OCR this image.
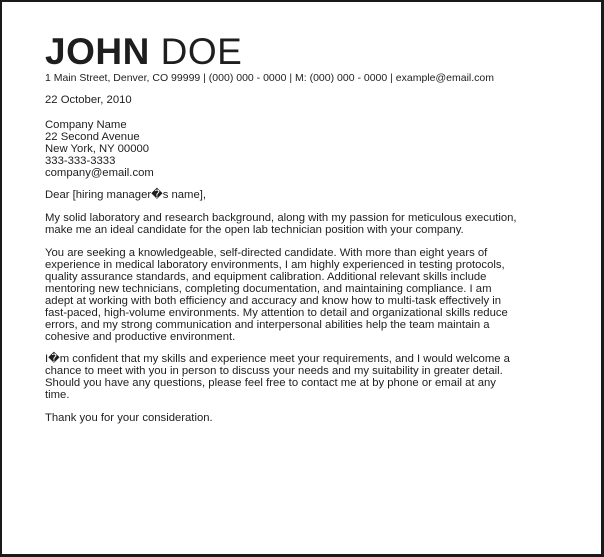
JOHN DOE
1 Main Street, Denver, CO 99999 | (000) 000 - 0000 | M: (000) 000 - 0000 | example@email.com

22 October, 2010

Company Name

22 Second Avenue

New York, NY 00000

333-333-3333

company@email.com

Dear [hiring manager�s name],

My solid laboratory and research background, along with my passion for meticulous execution,

make me an ideal candidate for the open lab technician position with your company.

You are seeking a knowledgeable, self-directed candidate. With more than eight years of

experience in medical laboratory environments, I am highly experienced in testing protocols,

quality assurance standards, and equipment calibration. Additional relevant skills include

mentoring new technicians, completing documentation, and maintaining compliance. I am

adept at working with both efficiency and accuracy and know how to multi-task effectively in

fast-paced, high-volume environments. My attention to detail and organizational skills reduce

errors, and my strong communication and interpersonal abilities help the team maintain a

cohesive and productive environment.

I�m confident that my skills and experience meet your requirements, and I would welcome a

chance to meet with you in person to discuss your needs and my suitability in greater detail.

Should you have any questions, please feel free to contact me at by phone or email at any

time.

Thank you for your consideration.
